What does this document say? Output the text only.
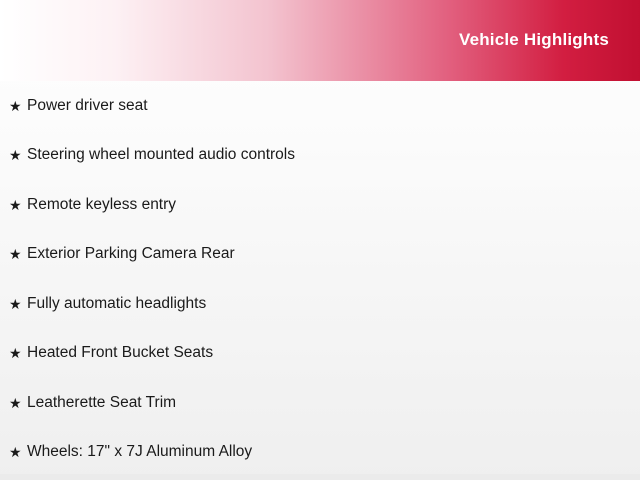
Vehicle Highlights
★ Power driver seat
★ Steering wheel mounted audio controls
★ Remote keyless entry
★ Exterior Parking Camera Rear
★ Fully automatic headlights
★ Heated Front Bucket Seats
★ Leatherette Seat Trim
★ Wheels: 17" x 7J Aluminum Alloy
